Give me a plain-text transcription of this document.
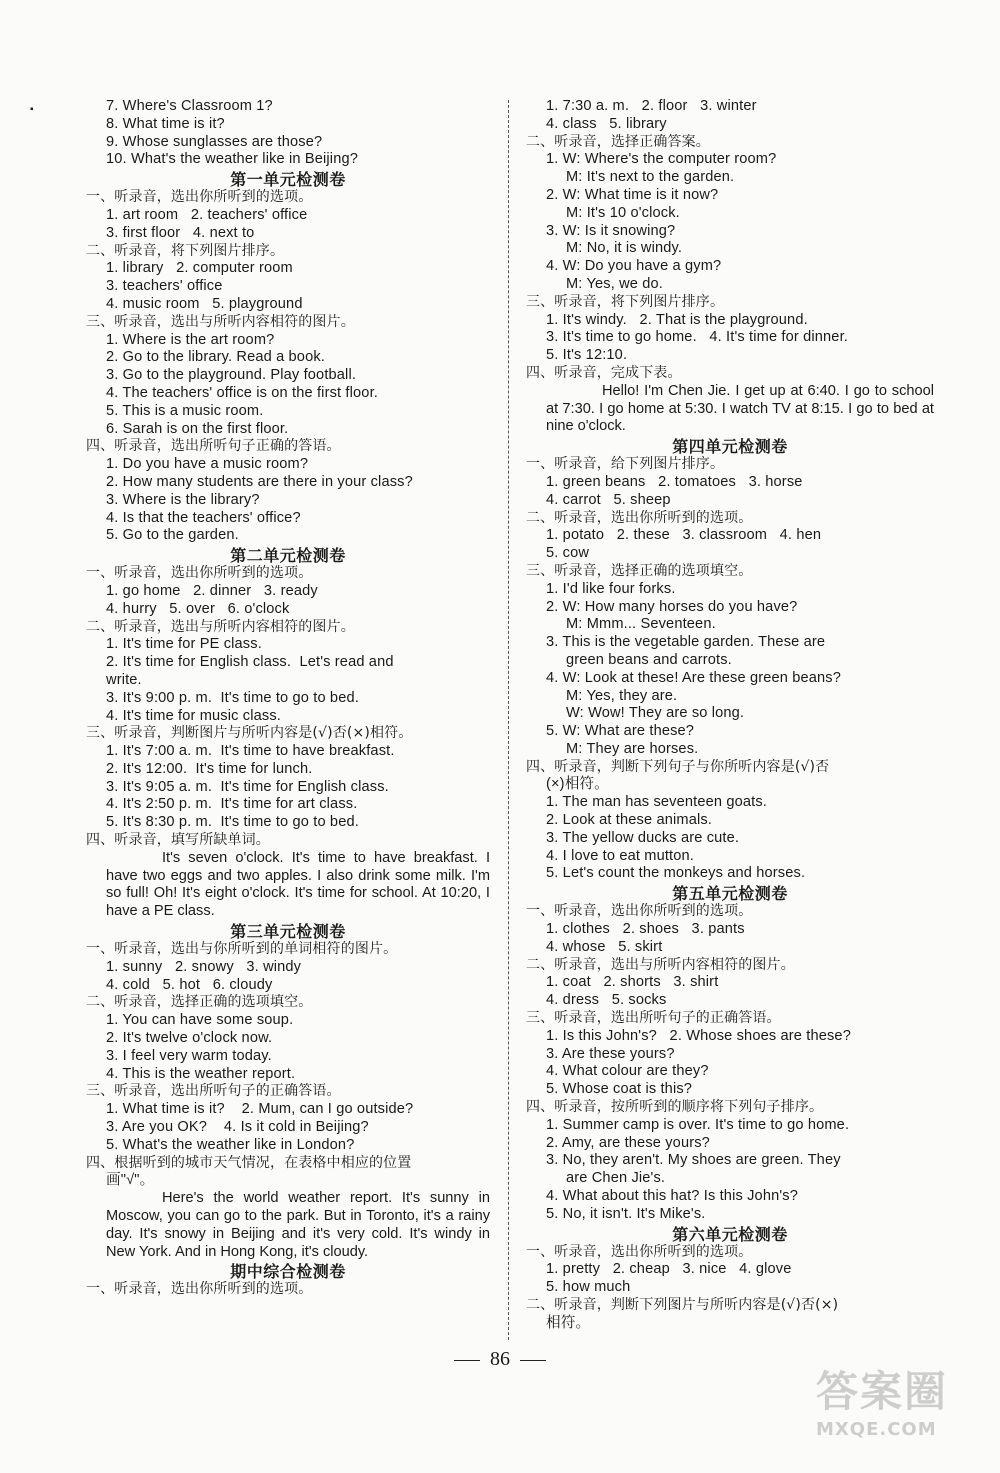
▪	7. Where's Classroom 1?
8. What time is it?
9. Whose sunglasses are those?
10. What's the weather like in Beijing?
第一单元检测卷
一、听录音，选出你所听到的选项。
1. art room   2. teachers' office
3. first floor   4. next to
二、听录音，将下列图片排序。
1. library   2. computer room
3. teachers' office
4. music room   5. playground
三、听录音，选出与所听内容相符的图片。
1. Where is the art room?
2. Go to the library. Read a book.
3. Go to the playground. Play football.
4. The teachers' office is on the first floor.
5. This is a music room.
6. Sarah is on the first floor.
四、听录音，选出所听句子正确的答语。
1. Do you have a music room?
2. How many students are there in your class?
3. Where is the library?
4. Is that the teachers' office?
5. Go to the garden.
第二单元检测卷
一、听录音，选出你所听到的选项。
1. go home   2. dinner   3. ready
4. hurry   5. over   6. o'clock
二、听录音，选出与所听内容相符的图片。
1. It's time for PE class.
2. It's time for English class.  Let's read and
write.
3. It's 9:00 p. m.  It's time to go to bed.
4. It's time for music class.
三、听录音，判断图片与所听内容是(√)否(×)相符。
1. It's 7:00 a. m.  It's time to have breakfast.
2. It's 12:00.  It's time for lunch.
3. It's 9:05 a. m.  It's time for English class.
4. It's 2:50 p. m.  It's time for art class.
5. It's 8:30 p. m.  It's time to go to bed.
四、听录音，填写所缺单词。
It's seven o'clock. It's time to have breakfast. I have two eggs and two apples. I also drink some milk. I'm so full! Oh! It's eight o'clock. It's time for school. At 10:20, I have a PE class.
第三单元检测卷
一、听录音，选出与你所听到的单词相符的图片。
1. sunny   2. snowy   3. windy
4. cold   5. hot   6. cloudy
二、听录音，选择正确的选项填空。
1. You can have some soup.
2. It's twelve o'clock now.
3. I feel very warm today.
4. This is the weather report.
三、听录音，选出所听句子的正确答语。
1. What time is it?    2. Mum, can I go outside?
3. Are you OK?    4. Is it cold in Beijing?
5. What's the weather like in London?
四、根据听到的城市天气情况，在表格中相应的位置
画"√"。
Here's the world weather report. It's sunny in Moscow, you can go to the park. But in Toronto, it's a rainy day. It's snowy in Beijing and it's very cold. It's windy in New York. And in Hong Kong, it's cloudy.
期中综合检测卷
一、听录音，选出你所听到的选项。
1. 7:30 a. m.   2. floor   3. winter
4. class   5. library
二、听录音，选择正确答案。
1. W: Where's the computer room?
M: It's next to the garden.
2. W: What time is it now?
M: It's 10 o'clock.
3. W: Is it snowing?
M: No, it is windy.
4. W: Do you have a gym?
M: Yes, we do.
三、听录音，将下列图片排序。
1. It's windy.   2. That is the playground.
3. It's time to go home.   4. It's time for dinner.
5. It's 12:10.
四、听录音，完成下表。
Hello! I'm Chen Jie. I get up at 6:40. I go to school at 7:30. I go home at 5:30. I watch TV at 8:15. I go to bed at nine o'clock.
第四单元检测卷
一、听录音，给下列图片排序。
1. green beans   2. tomatoes   3. horse
4. carrot   5. sheep
二、听录音，选出你所听到的选项。
1. potato   2. these   3. classroom   4. hen
5. cow
三、听录音，选择正确的选项填空。
1. I'd like four forks.
2. W: How many horses do you have?
M: Mmm... Seventeen.
3. This is the vegetable garden. These are
green beans and carrots.
4. W: Look at these! Are these green beans?
M: Yes, they are.
W: Wow! They are so long.
5. W: What are these?
M: They are horses.
四、听录音，判断下列句子与你所听内容是(√)否
(×)相符。
1. The man has seventeen goats.
2. Look at these animals.
3. The yellow ducks are cute.
4. I love to eat mutton.
5. Let's count the monkeys and horses.
第五单元检测卷
一、听录音，选出你所听到的选项。
1. clothes   2. shoes   3. pants
4. whose   5. skirt
二、听录音，选出与所听内容相符的图片。
1. coat   2. shorts   3. shirt
4. dress   5. socks
三、听录音，选出所听句子的正确答语。
1. Is this John's?   2. Whose shoes are these?
3. Are these yours?
4. What colour are they?
5. Whose coat is this?
四、听录音，按所听到的顺序将下列句子排序。
1. Summer camp is over. It's time to go home.
2. Amy, are these yours?
3. No, they aren't. My shoes are green. They
are Chen Jie's.
4. What about this hat? Is this John's?
5. No, it isn't. It's Mike's.
第六单元检测卷
一、听录音，选出你所听到的选项。
1. pretty   2. cheap   3. nice   4. glove
5. how much
二、听录音，判断下列图片与所听内容是(√)否(×)
相符。
86
答案圈
MXQE.COM
